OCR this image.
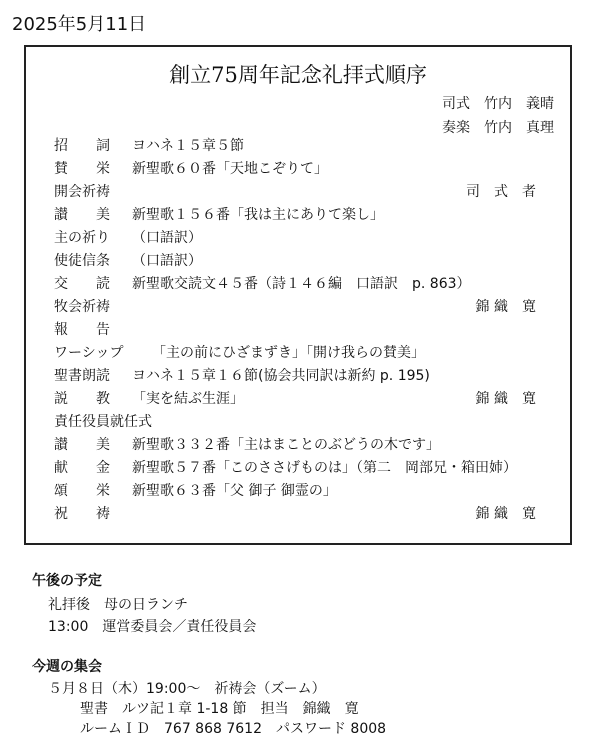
2025年5月11日
創立75周年記念礼拝式順序
司式　竹内　義晴
奏楽　竹内　真理
招　　詞 ヨハネ１５章５節
賛　　栄 新聖歌６０番「天地こぞりて」
開会祈祷	司　式　者
讃　　美 新聖歌１５６番「我は主にありて楽し」
主の祈り （口語訳）
使徒信条 （口語訳）
交　　読 新聖歌交読文４５番（詩１４６編　口語訳　p. 863）
牧会祈祷	錦 織　寛
報　　告
ワーシップ 「主の前にひざまずき」「開け我らの賛美」
聖書朗読 ヨハネ１５章１６節(協会共同訳は新約 p. 195)
説　　教 「実を結ぶ生涯」	錦 織　寛
責任役員就任式
讃　　美 新聖歌３３２番「主はまことのぶどうの木です」
献　　金 新聖歌５７番「このささげものは」（第二　岡部兄・箱田姉）
頌　　栄 新聖歌６３番「父 御子 御霊の」
祝　　祷	錦 織　寛
午後の予定
礼拝後　母の日ランチ
13:00　運営委員会／責任役員会
今週の集会
５月８日（木）19:00～　祈祷会（ズーム）
聖書　ルツ記１章 1-18 節　担当　錦織　寛
ルームＩＤ　767 868 7612　パスワード 8008
